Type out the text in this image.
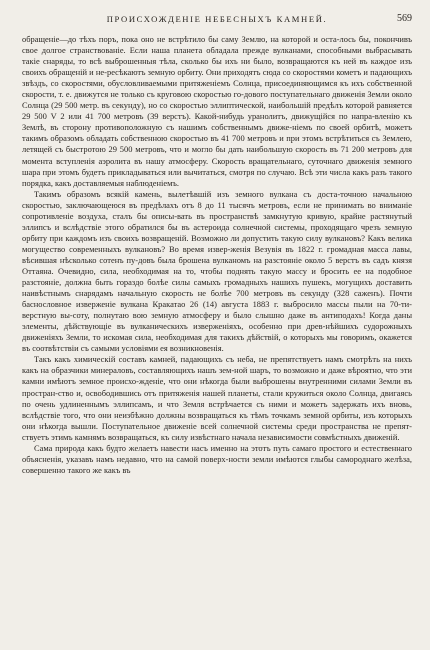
ПРОИСХОЖДЕНІЕ НЕБЕСНЫХЪ КАМНЕЙ.	569

обращеніе—до тѣхъ поръ, пока оно не встрѣтило бы саму Землю, на которой и оста-лось бы, покончивъ свое долгое странствованіе. Если наша планета обладала прежде вулканами, способными выбрасывать такіе снаряды, то всѣ выброшенныя тѣла, сколько бы ихъ ни было, возвращаются къ ней въ каждое изъ своихъ обращеній и не-ресѣкаютъ земную орбиту. Они приходятъ сюда со скоростями кометъ и падающихъ звѣздъ, со скоростями, обусловливаемыми притяженіемъ Солнца, присоединяющимся къ ихъ собственной скорости, т. е. движутся не только съ круговою скоростью го-дового поступательнаго движенія Земли около Солнца (29 500 метр. въ секунду), но со скоростью эллиптической, наибольшій предѣлъ которой равняется 29 500 V 2 или 41 700 метровъ (39 верстъ). Какой-нибудь уранолитъ, движущійся по напра-вленію къ Землѣ, въ сторону противоположную съ нашимъ собственнымъ движе-ніемъ по своей орбитѣ, можетъ такимъ образомъ обладать собственною скоростью въ 41 700 метровъ и при этомъ встрѣтиться съ Землею, летящей съ быстротою 29 500 метровъ, что и могло бы дать наибольшую скорость въ 71 200 метровъ для момента вступленія аэролита въ нашу атмосферу. Скорость вращательнаго, суточнаго движенія земного шара при этомъ будетъ прикладываться или вычитаться, смотря по случаю. Всѣ эти числа какъ разъ такого порядка, какъ доставляемыя наблюденіемъ.

Такимъ образомъ всякій камень, вылетѣвшій изъ земного вулкана съ доста-точною начальною скоростью, заключающеюся въ предѣлахъ отъ 8 до 11 тысячъ метровъ, если не принимать во вниманіе сопротивленіе воздуха, сталъ бы описы-вать въ пространствѣ замкнутую кривую, крайне растянутый эллипсъ и вслѣдствіе этого обратился бы въ астероида солнечной системы, проходящаго чрезъ земную орбиту при каждомъ изъ своихъ возвращеній. Возможно ли допустить такую силу вулкановъ? Какъ велика могущество современныхъ вулкановъ? Во время извер-женія Везувія въ 1822 г. громадная масса лавы, вѣсившая нѣсколько сотенъ пу-довъ была брошена вулканомъ на разстояніе около 5 верстъ въ садъ князя Оттаяна. Очевидно, сила, необходимая на то, чтобы поднять такую массу и бросить ее на подобное разстояніе, должна быть гораздо болѣе силы самыхъ громадныхъ нашихъ пушекъ, могущихъ доставить наивѣстнымъ снарядамъ начальную скорость не болѣе 700 метровъ въ секунду (328 саженъ). Почти баснословное изверженіе вулкана Кракатао 26 (14) августа 1883 г. выбросило массы пыли на 70-ти-верстную вы-соту, полнутаю вою земную атмосферу и было слышно даже въ антиподахъ! Когда даны элементы, дѣйствующіе въ вулканическихъ изверженіяхъ, особенно при древ-нѣйшихъ судорожныхъ движеніяхъ Земли, то искомая сила, необходимая для такихъ дѣйствій, о которыхъ мы говоримъ, окажется въ соотвѣтствіи съ самыми условіями ея возникновенія.

Такъ какъ химическій составъ камней, падающихъ съ неба, не препятствуетъ намъ смотрѣть на нихъ какъ на образчики минераловъ, составляющихъ нашъ зем-ной шаръ, то возможно и даже вѣроятно, что эти камни имѣютъ земное происхо-жденіе, что они нѣкогда были выброшены внутренними силами Земли въ простран-ство и, освободившись отъ притяженія нашей планеты, стали кружиться около Солнца, двигаясь по очень удлиненнымъ эллипсамъ, и что Земля встрѣчается съ ними и можетъ задержать ихъ вновь, вслѣдствіе того, что они неизбѣжно должны возвращаться къ тѣмъ точкамъ земной орбиты, изъ которыхъ они нѣкогда вышли. Поступательное движеніе всей солнечной системы среди пространства не препят-ствуетъ этимъ камнямъ возвращаться, къ силу извѣстнаго начала независимости совмѣстныхъ движеній.

Сама природа какъ будто желаетъ навести насъ именно на этотъ путь самаго простого и естественнаго объясненія, указавъ намъ недавно, что на самой поверх-ности земли имѣются глыбы самороднаго желѣза, совершенно такого же какъ въ
